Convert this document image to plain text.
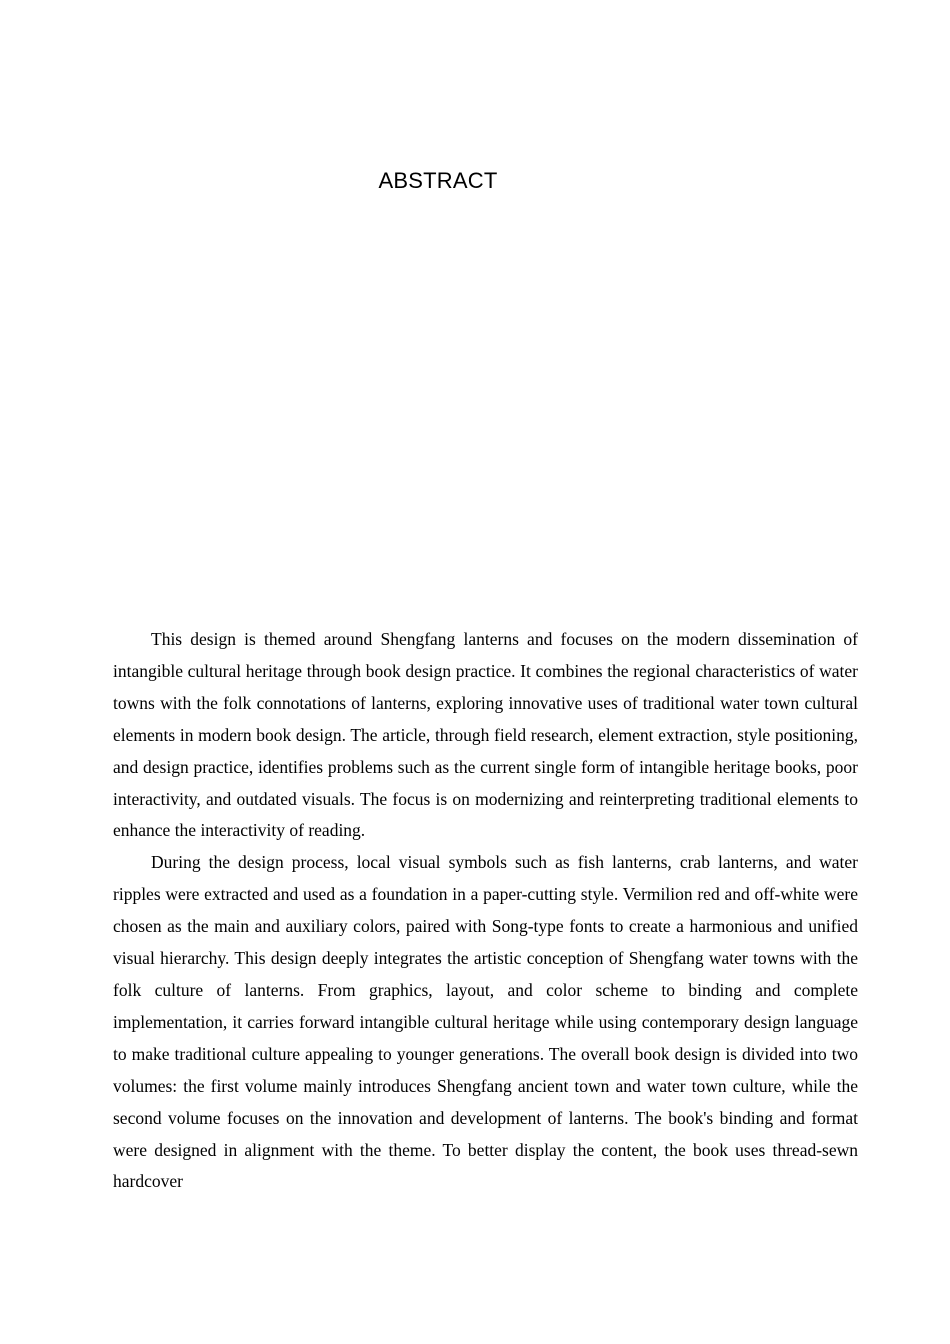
ABSTRACT

This design is themed around Shengfang lanterns and focuses on the modern dissemination of intangible cultural heritage through book design practice. It combines the regional characteristics of water towns with the folk connotations of lanterns, exploring innovative uses of traditional water town cultural elements in modern book design. The article, through field research, element extraction, style positioning, and design practice, identifies problems such as the current single form of intangible heritage books, poor interactivity, and outdated visuals. The focus is on modernizing and reinterpreting traditional elements to enhance the interactivity of reading.

During the design process, local visual symbols such as fish lanterns, crab lanterns, and water ripples were extracted and used as a foundation in a paper-cutting style. Vermilion red and off-white were chosen as the main and auxiliary colors, paired with Song-type fonts to create a harmonious and unified visual hierarchy. This design deeply integrates the artistic conception of Shengfang water towns with the folk culture of lanterns. From graphics, layout, and color scheme to binding and complete implementation, it carries forward intangible cultural heritage while using contemporary design language to make traditional culture appealing to younger generations. The overall book design is divided into two volumes: the first volume mainly introduces Shengfang ancient town and water town culture, while the second volume focuses on the innovation and development of lanterns. The book's binding and format were designed in alignment with the theme. To better display the content, the book uses thread-sewn hardcover
